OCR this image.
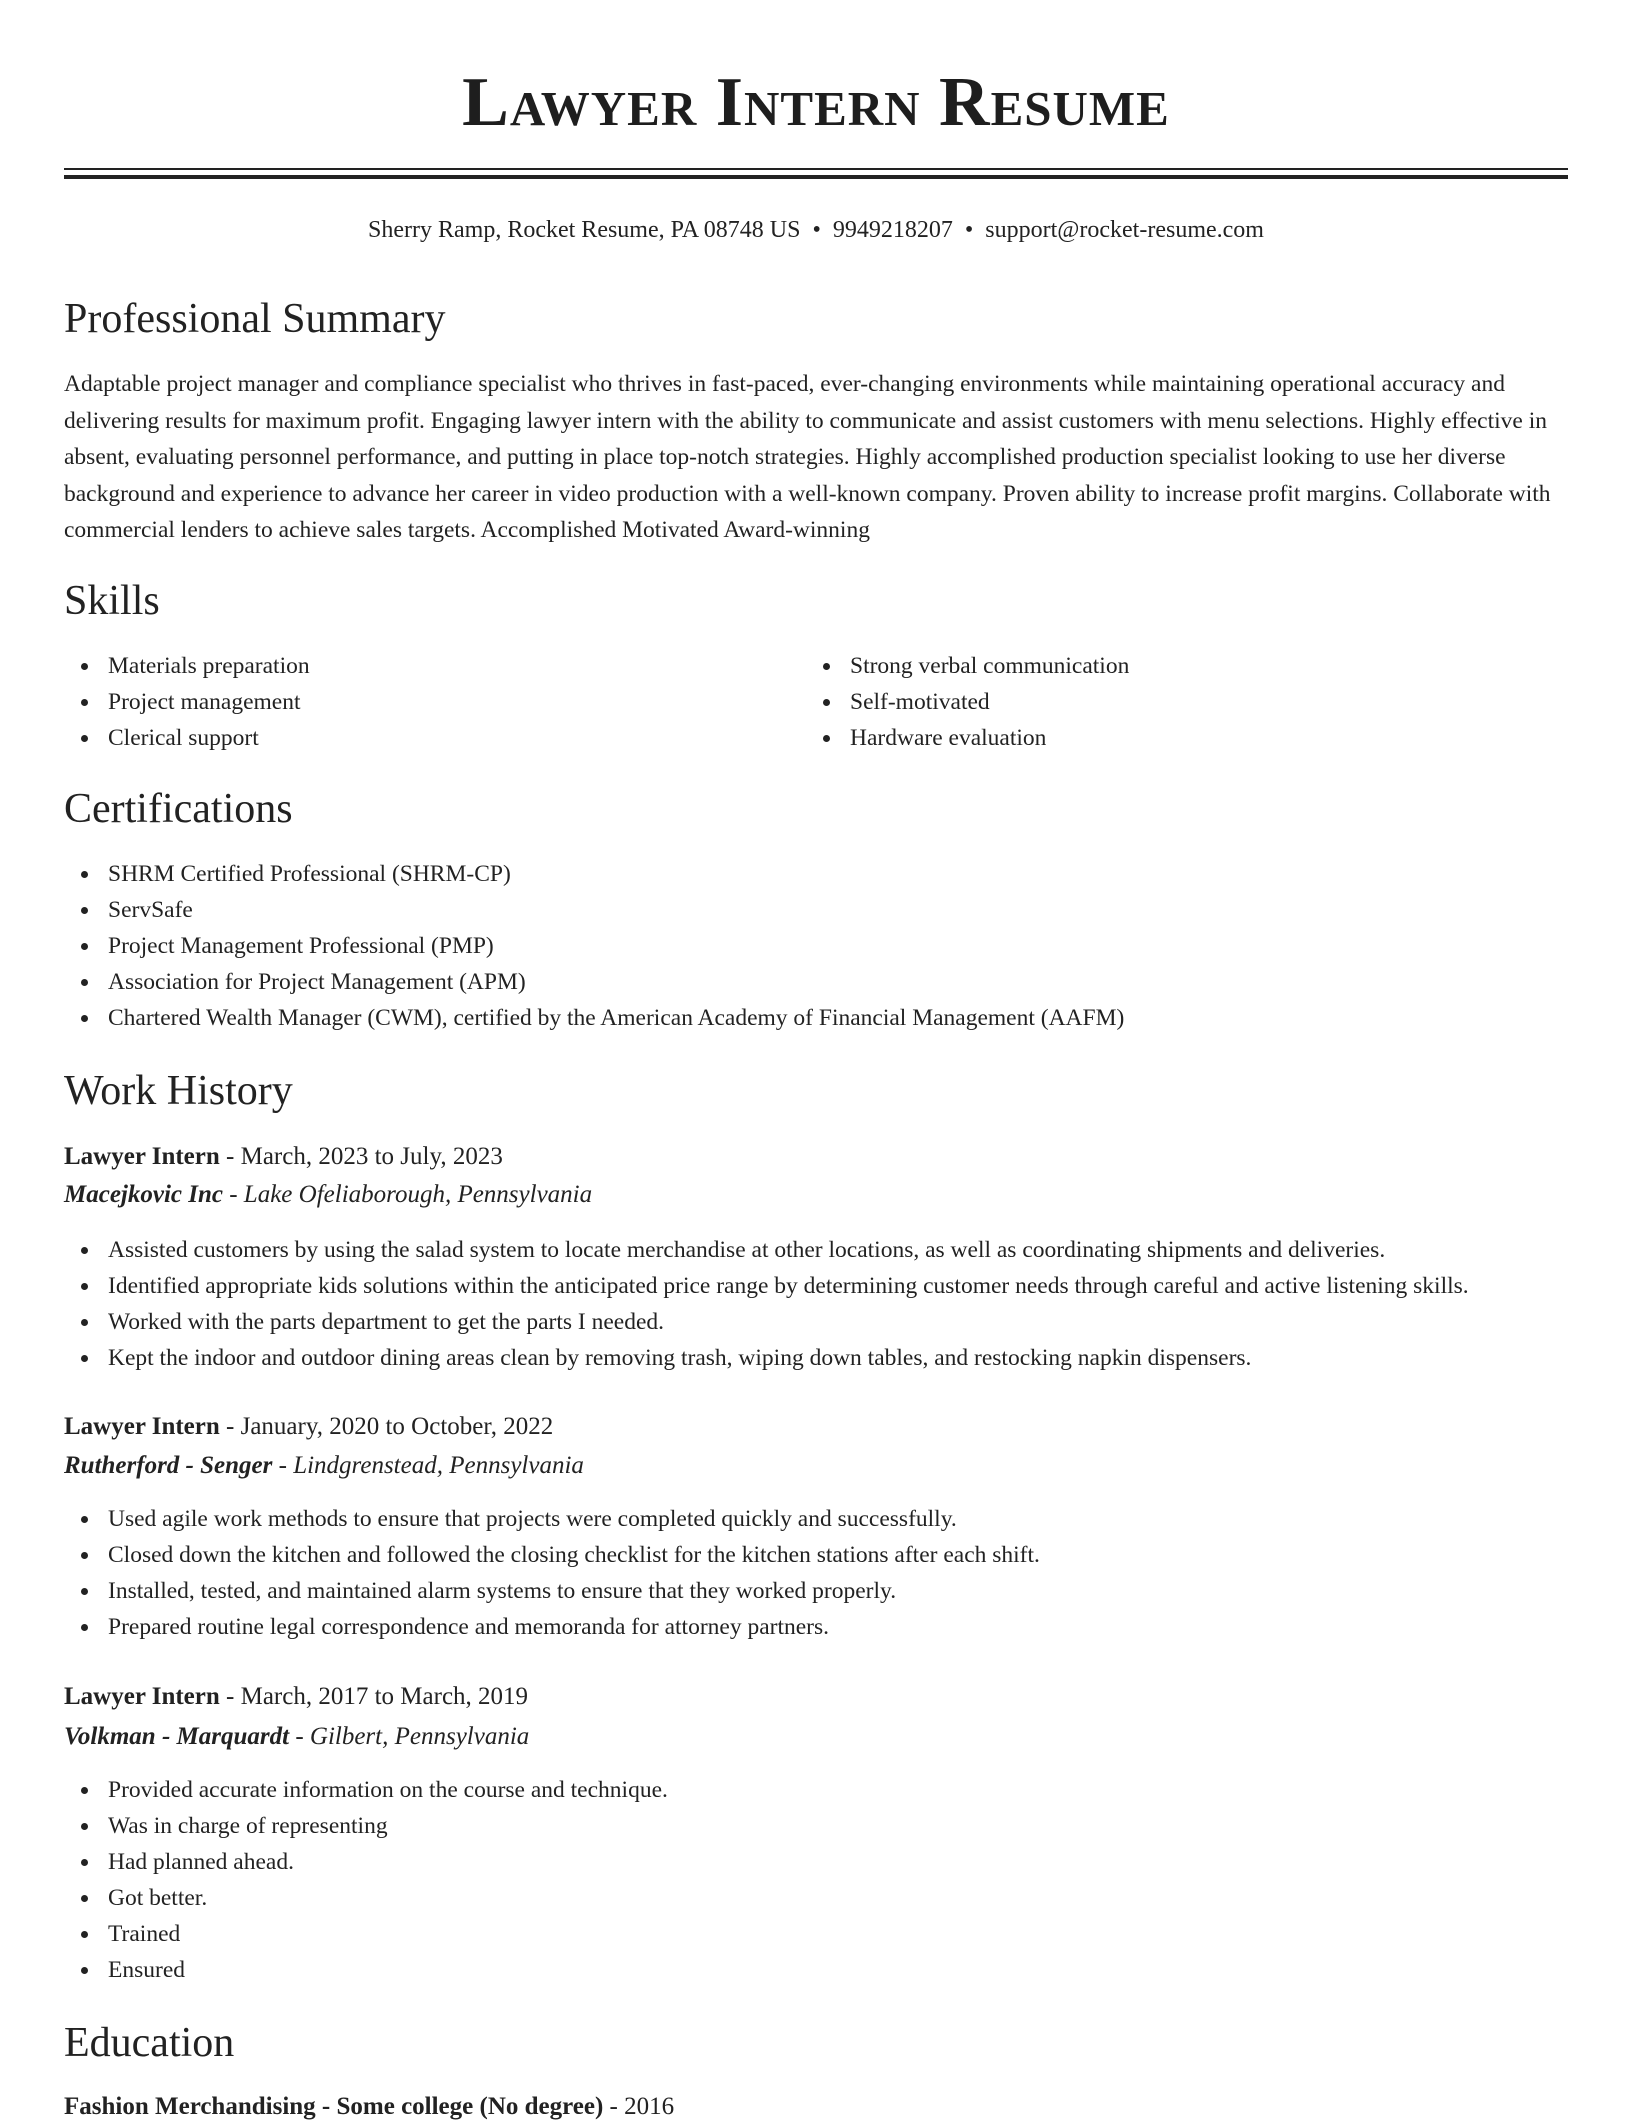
Lawyer Intern Resume
Sherry Ramp, Rocket Resume, PA 08748 US • 9949218207 • support@rocket-resume.com
Professional Summary

Adaptable project manager and compliance specialist who thrives in fast-paced, ever-changing environments while maintaining operational accuracy and delivering results for maximum profit. Engaging lawyer intern with the ability to communicate and assist customers with menu selections. Highly effective in absent, evaluating personnel performance, and putting in place top-notch strategies. Highly accomplished production specialist looking to use her diverse background and experience to advance her career in video production with a well-known company. Proven ability to increase profit margins. Collaborate with commercial lenders to achieve sales targets. Accomplished Motivated Award-winning

Skills
Materials preparation
Project management
Clerical support
Strong verbal communication
Self-motivated
Hardware evaluation
Certifications
SHRM Certified Professional (SHRM-CP)
ServSafe
Project Management Professional (PMP)
Association for Project Management (APM)
Chartered Wealth Manager (CWM), certified by the American Academy of Financial Management (AAFM)
Work History
Lawyer Intern - March, 2023 to July, 2023
Macejkovic Inc - Lake Ofeliaborough, Pennsylvania
Assisted customers by using the salad system to locate merchandise at other locations, as well as coordinating shipments and deliveries.
Identified appropriate kids solutions within the anticipated price range by determining customer needs through careful and active listening skills.
Worked with the parts department to get the parts I needed.
Kept the indoor and outdoor dining areas clean by removing trash, wiping down tables, and restocking napkin dispensers.
Lawyer Intern - January, 2020 to October, 2022
Rutherford - Senger - Lindgrenstead, Pennsylvania
Used agile work methods to ensure that projects were completed quickly and successfully.
Closed down the kitchen and followed the closing checklist for the kitchen stations after each shift.
Installed, tested, and maintained alarm systems to ensure that they worked properly.
Prepared routine legal correspondence and memoranda for attorney partners.
Lawyer Intern - March, 2017 to March, 2019
Volkman - Marquardt - Gilbert, Pennsylvania
Provided accurate information on the course and technique.
Was in charge of representing
Had planned ahead.
Got better.
Trained
Ensured
Education
Fashion Merchandising - Some college (No degree) - 2016
